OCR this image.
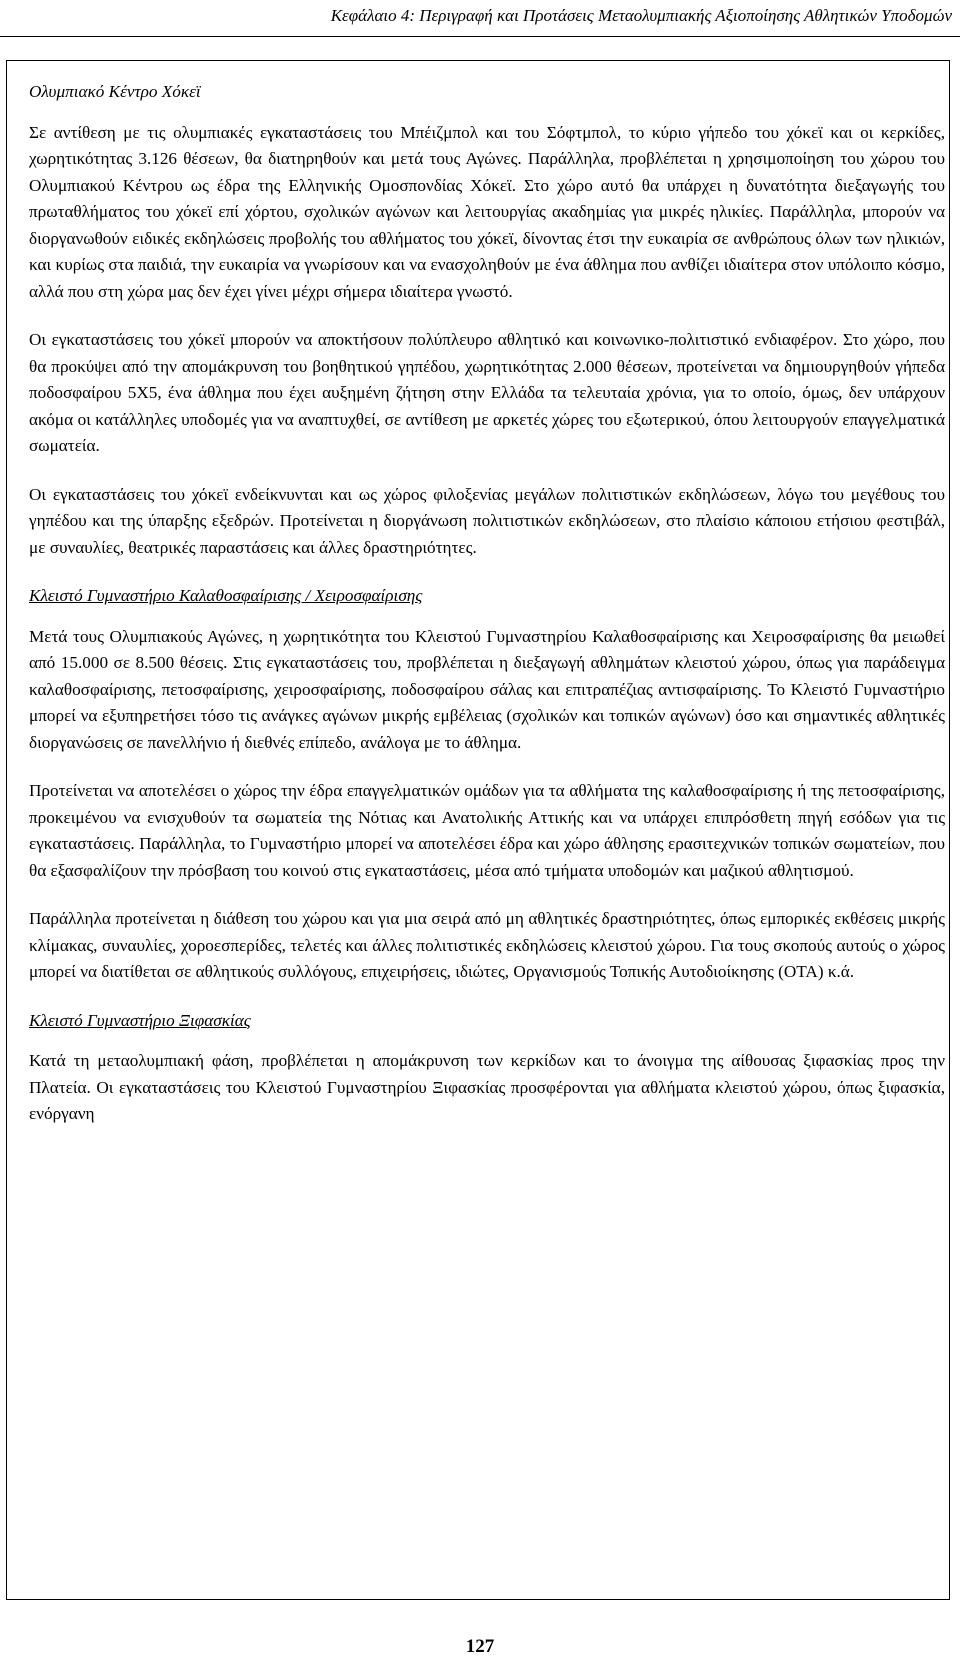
Κεφάλαιο 4: Περιγραφή και Προτάσεις Μεταολυμπιακής Αξιοποίησης Αθλητικών Υποδομών
Ολυμπιακό Κέντρο Χόκεϊ

Σε αντίθεση με τις ολυμπιακές εγκαταστάσεις του Μπέιζμπολ και του Σόφτμπολ, το κύριο γήπεδο του χόκεϊ και οι κερκίδες, χωρητικότητας 3.126 θέσεων, θα διατηρηθούν και μετά τους Αγώνες. Παράλληλα, προβλέπεται η χρησιμοποίηση του χώρου του Ολυμπιακού Κέντρου ως έδρα της Ελληνικής Ομοσπονδίας Χόκεϊ. Στο χώρο αυτό θα υπάρχει η δυνατότητα διεξαγωγής του πρωταθλήματος του χόκεϊ επί χόρτου, σχολικών αγώνων και λειτουργίας ακαδημίας για μικρές ηλικίες. Παράλληλα, μπορούν να διοργανωθούν ειδικές εκδηλώσεις προβολής του αθλήματος του χόκεϊ, δίνοντας έτσι την ευκαιρία σε ανθρώπους όλων των ηλικιών, και κυρίως στα παιδιά, την ευκαιρία να γνωρίσουν και να ενασχοληθούν με ένα άθλημα που ανθίζει ιδιαίτερα στον υπόλοιπο κόσμο, αλλά που στη χώρα μας δεν έχει γίνει μέχρι σήμερα ιδιαίτερα γνωστό.

Οι εγκαταστάσεις του χόκεϊ μπορούν να αποκτήσουν πολύπλευρο αθλητικό και κοινωνικο-πολιτιστικό ενδιαφέρον. Στο χώρο, που θα προκύψει από την απομάκρυνση του βοηθητικού γηπέδου, χωρητικότητας 2.000 θέσεων, προτείνεται να δημιουργηθούν γήπεδα ποδοσφαίρου 5Χ5, ένα άθλημα που έχει αυξημένη ζήτηση στην Ελλάδα τα τελευταία χρόνια, για το οποίο, όμως, δεν υπάρχουν ακόμα οι κατάλληλες υποδομές για να αναπτυχθεί, σε αντίθεση με αρκετές χώρες του εξωτερικού, όπου λειτουργούν επαγγελματικά σωματεία.

Οι εγκαταστάσεις του χόκεϊ ενδείκνυνται και ως χώρος φιλοξενίας μεγάλων πολιτιστικών εκδηλώσεων, λόγω του μεγέθους του γηπέδου και της ύπαρξης εξεδρών. Προτείνεται η διοργάνωση πολιτιστικών εκδηλώσεων, στο πλαίσιο κάποιου ετήσιου φεστιβάλ, με συναυλίες, θεατρικές παραστάσεις και άλλες δραστηριότητες.

Κλειστό Γυμναστήριο Καλαθοσφαίρισης / Χειροσφαίρισης

Μετά τους Ολυμπιακούς Αγώνες, η χωρητικότητα του Κλειστού Γυμναστηρίου Καλαθοσφαίρισης και Χειροσφαίρισης θα μειωθεί από 15.000 σε 8.500 θέσεις. Στις εγκαταστάσεις του, προβλέπεται η διεξαγωγή αθλημάτων κλειστού χώρου, όπως για παράδειγμα καλαθοσφαίρισης, πετοσφαίρισης, χειροσφαίρισης, ποδοσφαίρου σάλας και επιτραπέζιας αντισφαίρισης. Το Κλειστό Γυμναστήριο μπορεί να εξυπηρετήσει τόσο τις ανάγκες αγώνων μικρής εμβέλειας (σχολικών και τοπικών αγώνων) όσο και σημαντικές αθλητικές διοργανώσεις σε πανελλήνιο ή διεθνές επίπεδο, ανάλογα με το άθλημα.

Προτείνεται να αποτελέσει ο χώρος την έδρα επαγγελματικών ομάδων για τα αθλήματα της καλαθοσφαίρισης ή της πετοσφαίρισης, προκειμένου να ενισχυθούν τα σωματεία της Νότιας και Ανατολικής Αττικής και να υπάρχει επιπρόσθετη πηγή εσόδων για τις εγκαταστάσεις. Παράλληλα, το Γυμναστήριο μπορεί να αποτελέσει έδρα και χώρο άθλησης ερασιτεχνικών τοπικών σωματείων, που θα εξασφαλίζουν την πρόσβαση του κοινού στις εγκαταστάσεις, μέσα από τμήματα υποδομών και μαζικού αθλητισμού.

Παράλληλα προτείνεται η διάθεση του χώρου και για μια σειρά από μη αθλητικές δραστηριότητες, όπως εμπορικές εκθέσεις μικρής κλίμακας, συναυλίες, χοροεσπερίδες, τελετές και άλλες πολιτιστικές εκδηλώσεις κλειστού χώρου. Για τους σκοπούς αυτούς ο χώρος μπορεί να διατίθεται σε αθλητικούς συλλόγους, επιχειρήσεις, ιδιώτες, Οργανισμούς Τοπικής Αυτοδιοίκησης (ΟΤΑ) κ.ά.

Κλειστό Γυμναστήριο Ξιφασκίας

Κατά τη μεταολυμπιακή φάση, προβλέπεται η απομάκρυνση των κερκίδων και το άνοιγμα της αίθουσας ξιφασκίας προς την Πλατεία. Οι εγκαταστάσεις του Κλειστού Γυμναστηρίου Ξιφασκίας προσφέρονται για αθλήματα κλειστού χώρου, όπως ξιφασκία, ενόργανη

127
